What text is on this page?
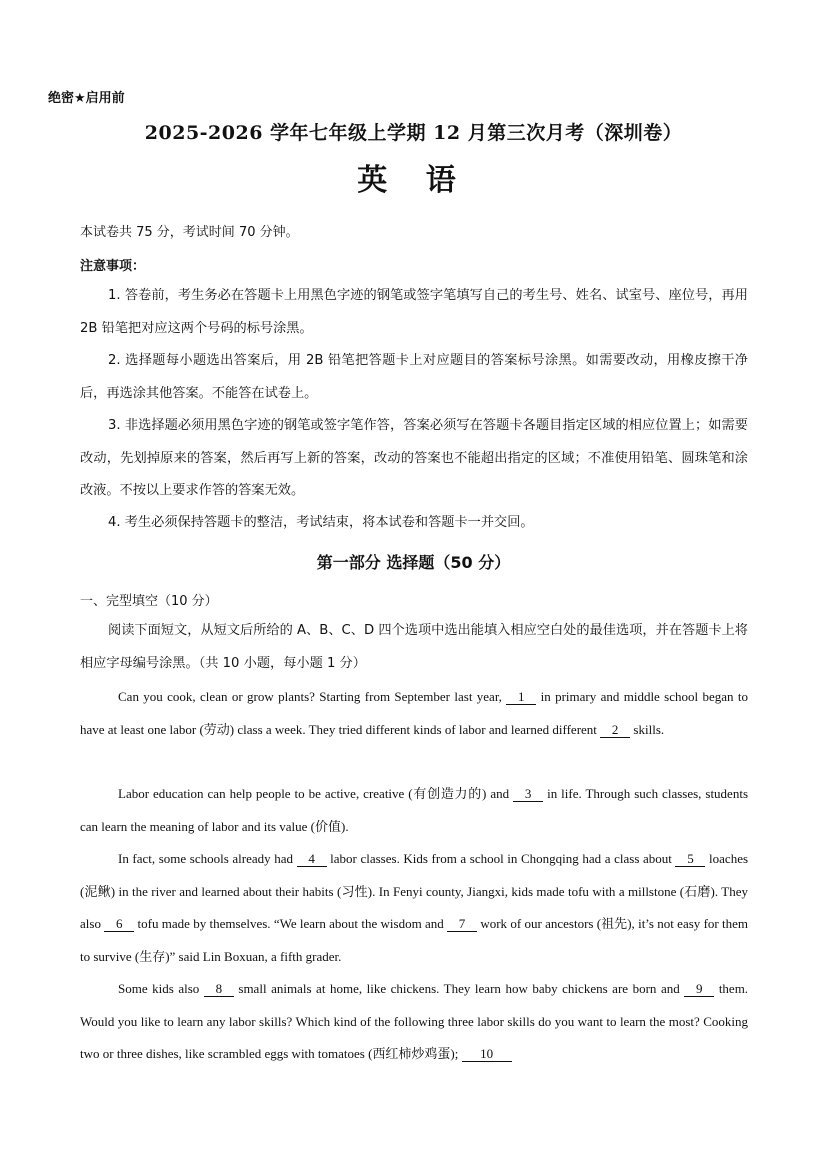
绝密★启用前
2025-2026 学年七年级上学期 12 月第三次月考（深圳卷）
英 语
本试卷共 75 分，考试时间 70 分钟。
注意事项：
1. 答卷前，考生务必在答题卡上用黑色字迹的钢笔或签字笔填写自己的考生号、姓名、试室号、座位号，再用 2B 铅笔把对应这两个号码的标号涂黑。
2. 选择题每小题选出答案后，用 2B 铅笔把答题卡上对应题目的答案标号涂黑。如需要改动，用橡皮擦干净后，再选涂其他答案。不能答在试卷上。
3. 非选择题必须用黑色字迹的钢笔或签字笔作答，答案必须写在答题卡各题目指定区域的相应位置上；如需要改动，先划掉原来的答案，然后再写上新的答案，改动的答案也不能超出指定的区域；不准使用铅笔、圆珠笔和涂改液。不按以上要求作答的答案无效。
4. 考生必须保持答题卡的整洁，考试结束，将本试卷和答题卡一并交回。
第一部分 选择题（50 分）
一、完型填空（10 分）
阅读下面短文，从短文后所给的 A、B、C、D 四个选项中选出能填入相应空白处的最佳选项，并在答题卡上将相应字母编号涂黑。（共 10 小题，每小题 1 分）
Can you cook, clean or grow plants? Starting from September last year, 1 in primary and middle school began to have at least one labor (劳动) class a week. They tried different kinds of labor and learned different 2 skills.
Labor education can help people to be active, creative (有创造力的) and 3 in life. Through such classes, students can learn the meaning of labor and its value (价值).
In fact, some schools already had 4 labor classes. Kids from a school in Chongqing had a class about 5 loaches (泥鳅) in the river and learned about their habits (习性). In Fenyi county, Jiangxi, kids made tofu with a millstone (石磨). They also 6 tofu made by themselves. “We learn about the wisdom and 7 work of our ancestors (祖先), it’s not easy for them to survive (生存)” said Lin Boxuan, a fifth grader.
Some kids also 8 small animals at home, like chickens. They learn how baby chickens are born and 9 them. Would you like to learn any labor skills? Which kind of the following three labor skills do you want to learn the most? Cooking two or three dishes, like scrambled eggs with tomatoes (西红柿炒鸡蛋); 10
